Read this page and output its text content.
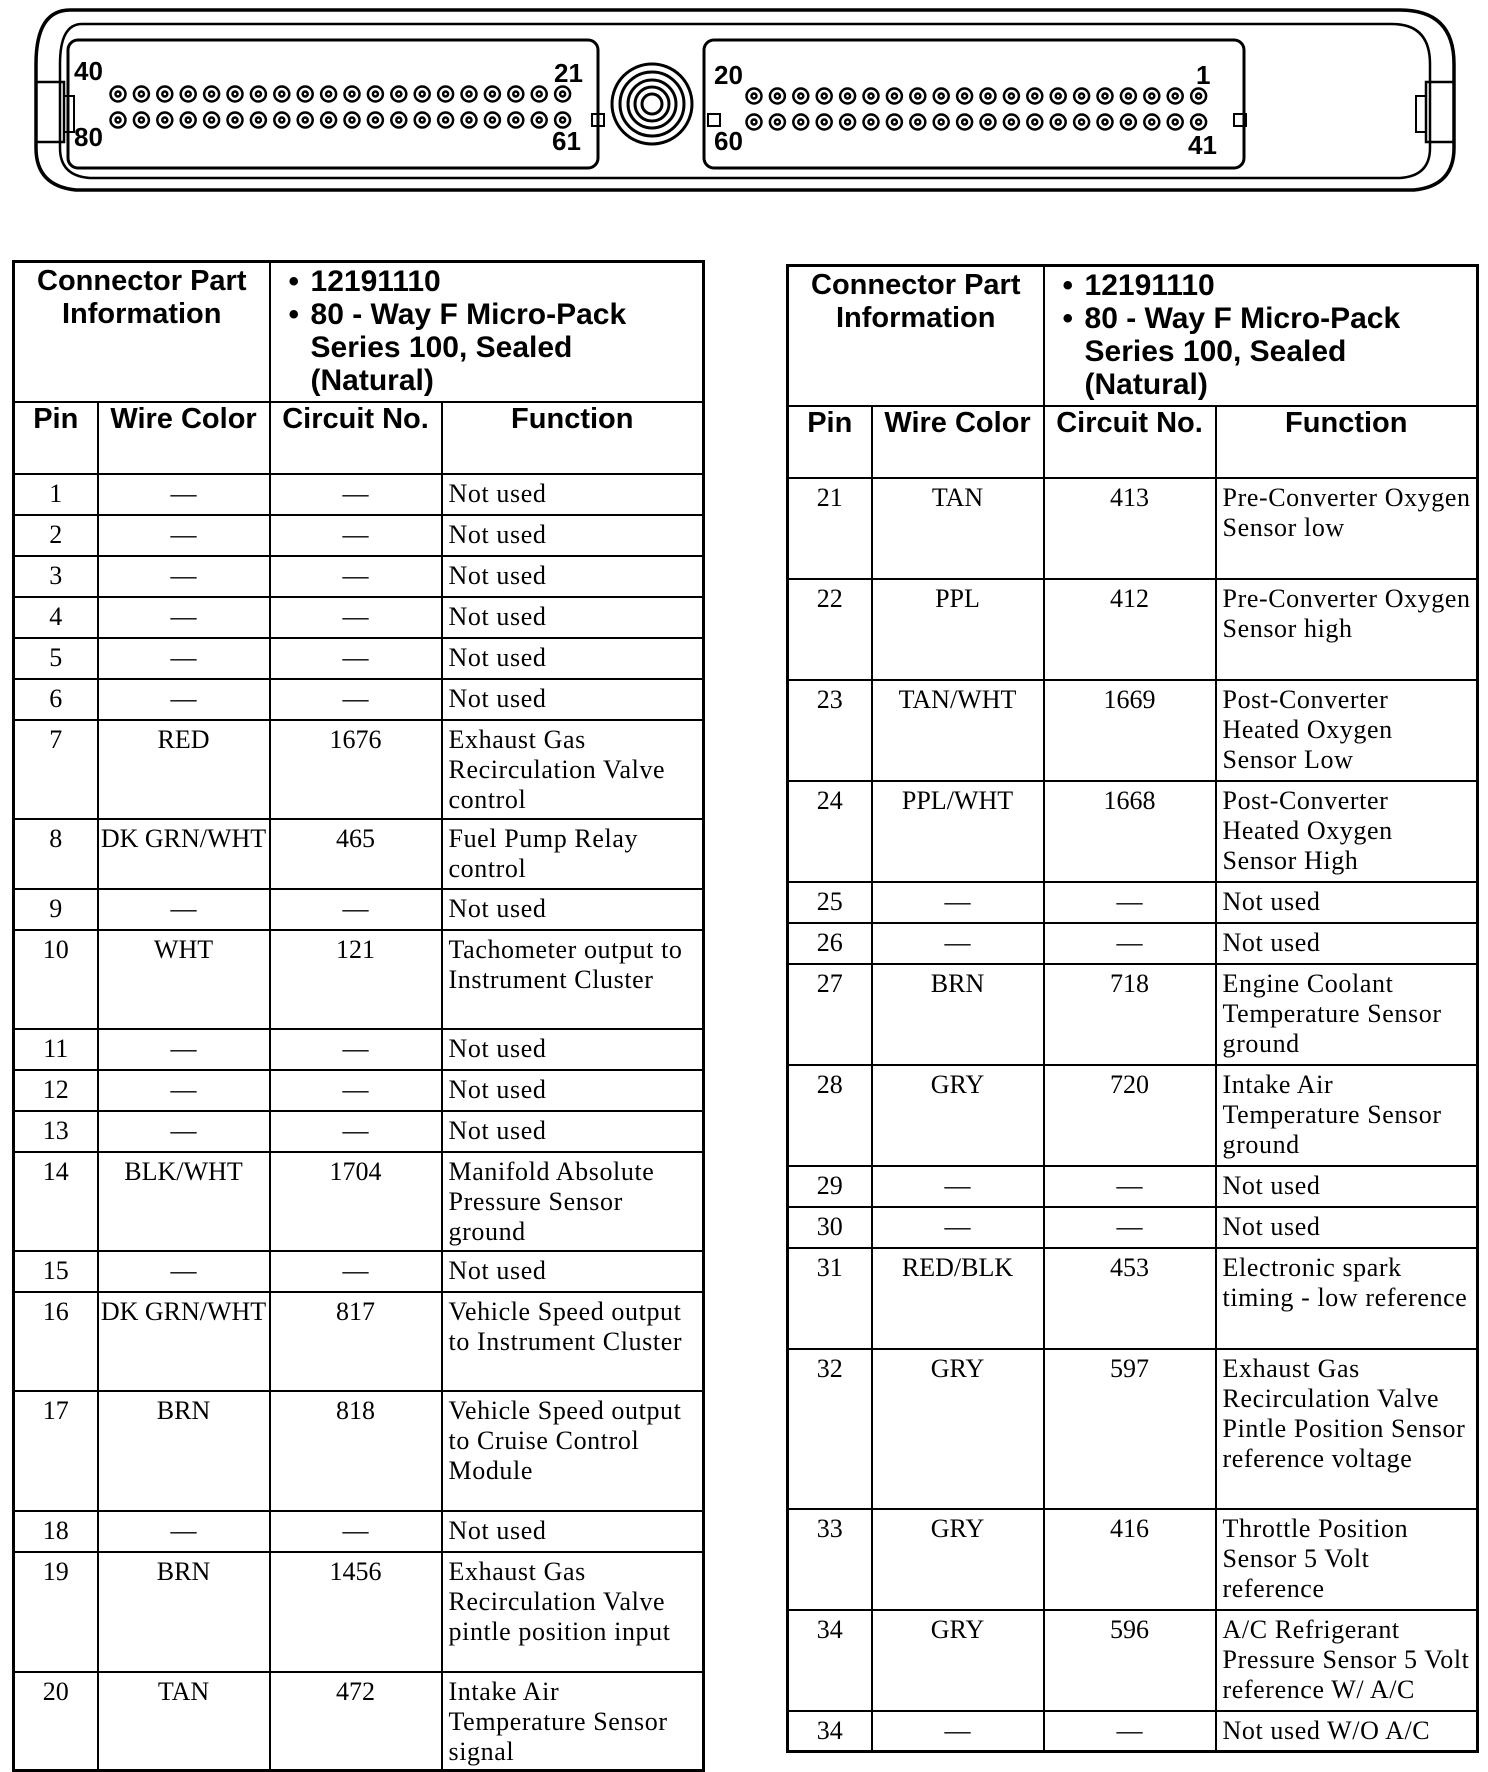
40	21
80	61
20	1
60	41
Connector Part Information		• 12191110
• 80 - Way F Micro-Pack Series 100, Sealed (Natural)	

Pin	Wire Color	Circuit No.	Function
1	—	—	Not used
2	—	—	Not used
3	—	—	Not used
4	—	—	Not used
5	—	—	Not used
6	—	—	Not used
7	RED	1676	Exhaust Gas Recirculation Valve control
8	DK GRN/WHT	465	Fuel Pump Relay control
9	—	—	Not used
10	WHT	121	Tachometer output to Instrument Cluster
11	—	—	Not used
12	—	—	Not used
13	—	—	Not used
14	BLK/WHT	1704	Manifold Absolute Pressure Sensor ground
15	—	—	Not used
16	DK GRN/WHT	817	Vehicle Speed output to Instrument Cluster
17	BRN	818	Vehicle Speed output to Cruise Control Module
18	—	—	Not used
19	BRN	1456	Exhaust Gas Recirculation Valve pintle position input
20	TAN	472	Intake Air Temperature Sensor signal
Connector Part Information		• 12191110
• 80 - Way F Micro-Pack Series 100, Sealed (Natural)	

Pin	Wire Color	Circuit No.	Function
21	TAN	413	Pre-Converter Oxygen Sensor low
22	PPL	412	Pre-Converter Oxygen Sensor high
23	TAN/WHT	1669	Post-Converter Heated Oxygen Sensor Low
24	PPL/WHT	1668	Post-Converter Heated Oxygen Sensor High
25	—	—	Not used
26	—	—	Not used
27	BRN	718	Engine Coolant Temperature Sensor ground
28	GRY	720	Intake Air Temperature Sensor ground
29	—	—	Not used
30	—	—	Not used
31	RED/BLK	453	Electronic spark timing - low reference
32	GRY	597	Exhaust Gas Recirculation Valve Pintle Position Sensor reference voltage
33	GRY	416	Throttle Position Sensor 5 Volt reference
34	GRY	596	A/C Refrigerant Pressure Sensor 5 Volt reference W/ A/C
34	—	—	Not used W/O A/C
